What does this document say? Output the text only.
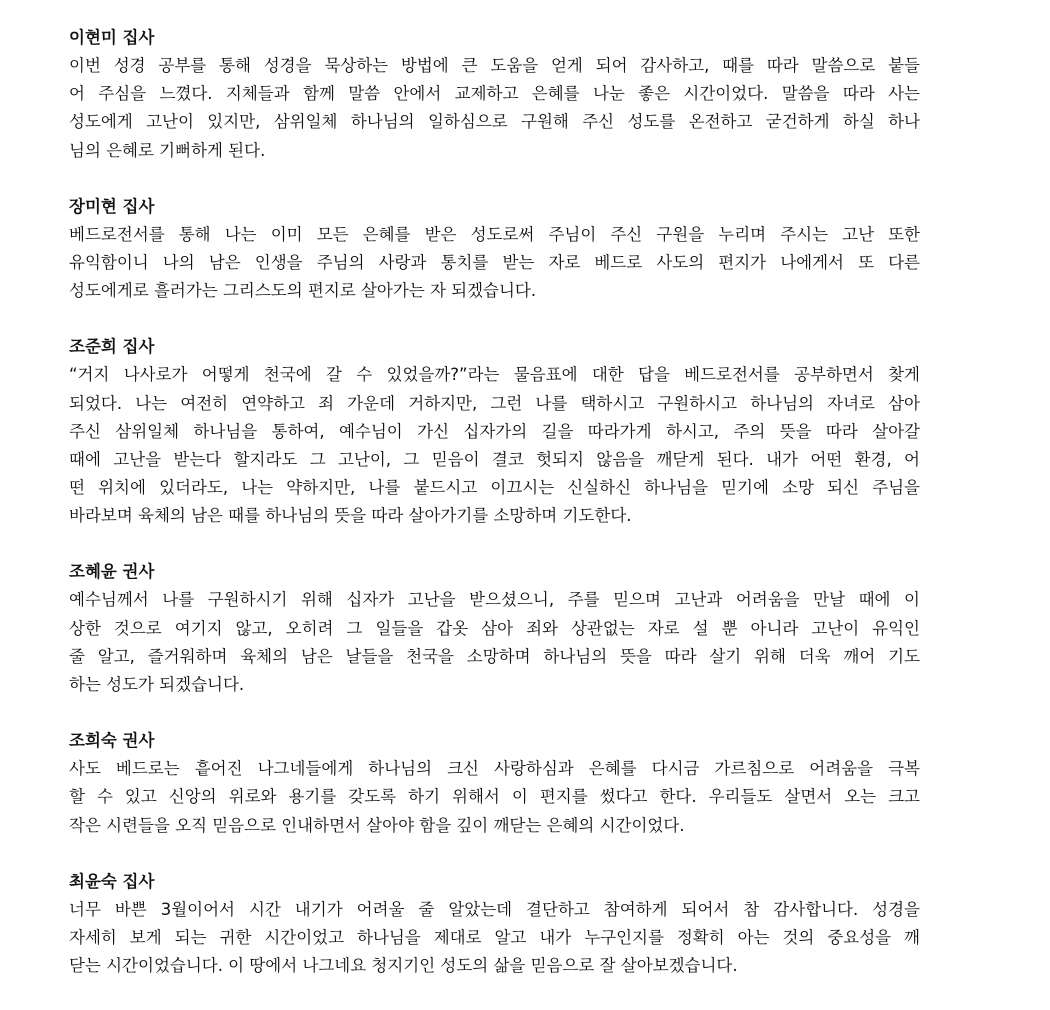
이현미 집사
이번 성경 공부를 통해 성경을 묵상하는 방법에 큰 도움을 얻게 되어 감사하고, 때를 따라 말씀으로 붙들
어 주심을 느꼈다. 지체들과 함께 말씀 안에서 교제하고 은혜를 나눈 좋은 시간이었다. 말씀을 따라 사는
성도에게 고난이 있지만, 삼위일체 하나님의 일하심으로 구원해 주신 성도를 온전하고 굳건하게 하실 하나
님의 은혜로 기뻐하게 된다.
장미현 집사
베드로전서를 통해 나는 이미 모든 은혜를 받은 성도로써 주님이 주신 구원을 누리며 주시는 고난 또한
유익함이니 나의 남은 인생을 주님의 사랑과 통치를 받는 자로 베드로 사도의 편지가 나에게서 또 다른
성도에게로 흘러가는 그리스도의 편지로 살아가는 자 되겠습니다.
조준희 집사
“거지 나사로가 어떻게 천국에 갈 수 있었을까?”라는 물음표에 대한 답을 베드로전서를 공부하면서 찾게
되었다. 나는 여전히 연약하고 죄 가운데 거하지만, 그런 나를 택하시고 구원하시고 하나님의 자녀로 삼아
주신 삼위일체 하나님을 통하여, 예수님이 가신 십자가의 길을 따라가게 하시고, 주의 뜻을 따라 살아갈
때에 고난을 받는다 할지라도 그 고난이, 그 믿음이 결코 헛되지 않음을 깨닫게 된다. 내가 어떤 환경, 어
떤 위치에 있더라도, 나는 약하지만, 나를 붙드시고 이끄시는 신실하신 하나님을 믿기에 소망 되신 주님을
바라보며 육체의 남은 때를 하나님의 뜻을 따라 살아가기를 소망하며 기도한다.
조혜윤 권사
예수님께서 나를 구원하시기 위해 십자가 고난을 받으셨으니, 주를 믿으며 고난과 어려움을 만날 때에 이
상한 것으로 여기지 않고, 오히려 그 일들을 갑옷 삼아 죄와 상관없는 자로 설 뿐 아니라 고난이 유익인
줄 알고, 즐거워하며 육체의 남은 날들을 천국을 소망하며 하나님의 뜻을 따라 살기 위해 더욱 깨어 기도
하는 성도가 되겠습니다.
조희숙 권사
사도 베드로는 흩어진 나그네들에게 하나님의 크신 사랑하심과 은혜를 다시금 가르침으로 어려움을 극복
할 수 있고 신앙의 위로와 용기를 갖도록 하기 위해서 이 편지를 썼다고 한다. 우리들도 살면서 오는 크고
작은 시련들을 오직 믿음으로 인내하면서 살아야 함을 깊이 깨닫는 은혜의 시간이었다.
최윤숙 집사
너무 바쁜 3월이어서 시간 내기가 어려울 줄 알았는데 결단하고 참여하게 되어서 참 감사합니다. 성경을
자세히 보게 되는 귀한 시간이었고 하나님을 제대로 알고 내가 누구인지를 정확히 아는 것의 중요성을 깨
닫는 시간이었습니다. 이 땅에서 나그네요 청지기인 성도의 삶을 믿음으로 잘 살아보겠습니다.
